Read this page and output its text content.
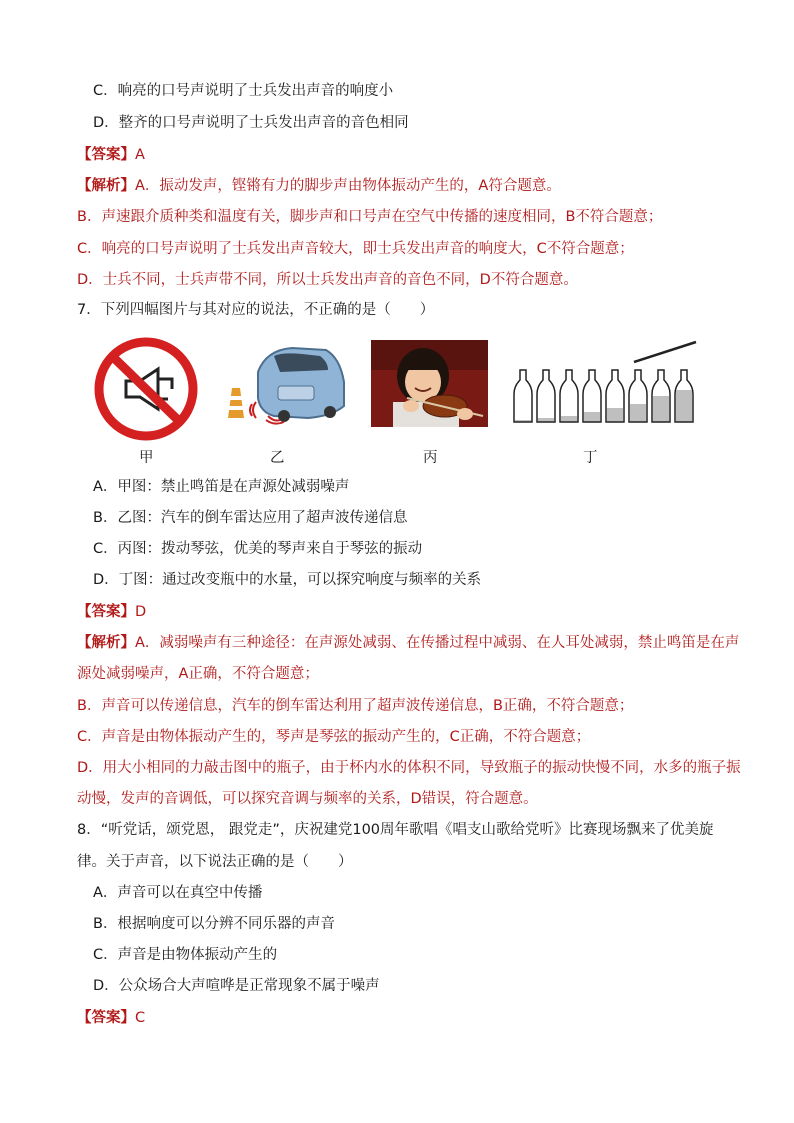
C．响亮的口号声说明了士兵发出声音的响度小
D．整齐的口号声说明了士兵发出声音的音色相同
【答案】A
【解析】A．振动发声，铿锵有力的脚步声由物体振动产生的，A符合题意。
B．声速跟介质种类和温度有关，脚步声和口号声在空气中传播的速度相同，B不符合题意；
C．响亮的口号声说明了士兵发出声音较大，即士兵发出声音的响度大，C不符合题意；
D．士兵不同，士兵声带不同，所以士兵发出声音的音色不同，D不符合题意。
7．下列四幅图片与其对应的说法，不正确的是（　　）
甲	乙	丙	丁
A．甲图：禁止鸣笛是在声源处减弱噪声
B．乙图：汽车的倒车雷达应用了超声波传递信息
C．丙图：拨动琴弦，优美的琴声来自于琴弦的振动
D．丁图：通过改变瓶中的水量，可以探究响度与频率的关系
【答案】D
【解析】A．减弱噪声有三种途径：在声源处减弱、在传播过程中减弱、在人耳处减弱，禁止鸣笛是在声
源处减弱噪声，A正确，不符合题意；
B．声音可以传递信息，汽车的倒车雷达利用了超声波传递信息，B正确，不符合题意；
C．声音是由物体振动产生的，琴声是琴弦的振动产生的，C正确，不符合题意；
D．用大小相同的力敲击图中的瓶子，由于杯内水的体积不同，导致瓶子的振动快慢不同，水多的瓶子振
动慢，发声的音调低，可以探究音调与频率的关系，D错误，符合题意。
8．“听党话，颂党恩， 跟党走”，庆祝建党100周年歌唱《唱支山歌给党听》比赛现场飘来了优美旋
律。关于声音，以下说法正确的是（　　）
A．声音可以在真空中传播
B．根据响度可以分辨不同乐器的声音
C．声音是由物体振动产生的
D．公众场合大声喧哗是正常现象不属于噪声
【答案】C
